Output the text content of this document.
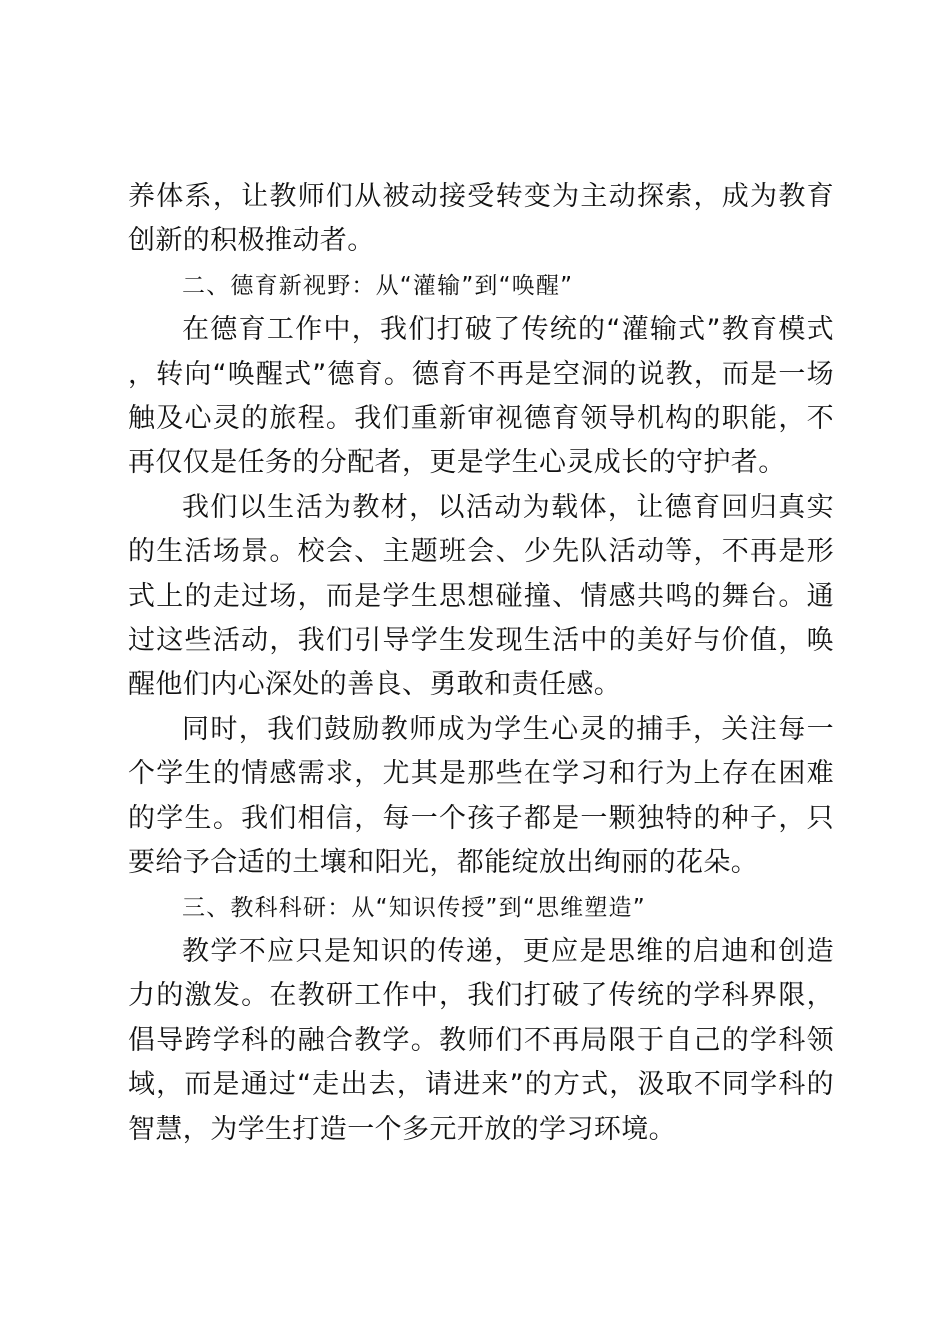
养体系，让教师们从被动接受转变为主动探索，成为教育创新的积极推动者。

二、德育新视野：从“灌输”到“唤醒”

在德育工作中，我们打破了传统的“灌输式”教育模式，转向“唤醒式”德育。德育不再是空洞的说教，而是一场触及心灵的旅程。我们重新审视德育领导机构的职能，不再仅仅是任务的分配者，更是学生心灵成长的守护者。

我们以生活为教材，以活动为载体，让德育回归真实的生活场景。校会、主题班会、少先队活动等，不再是形式上的走过场，而是学生思想碰撞、情感共鸣的舞台。通过这些活动，我们引导学生发现生活中的美好与价值，唤醒他们内心深处的善良、勇敢和责任感。

同时，我们鼓励教师成为学生心灵的捕手，关注每一个学生的情感需求，尤其是那些在学习和行为上存在困难的学生。我们相信，每一个孩子都是一颗独特的种子，只要给予合适的土壤和阳光，都能绽放出绚丽的花朵。

三、教科科研：从“知识传授”到“思维塑造”

教学不应只是知识的传递，更应是思维的启迪和创造力的激发。在教研工作中，我们打破了传统的学科界限，倡导跨学科的融合教学。教师们不再局限于自己的学科领域，而是通过“走出去，请进来”的方式，汲取不同学科的智慧，为学生打造一个多元开放的学习环境。
